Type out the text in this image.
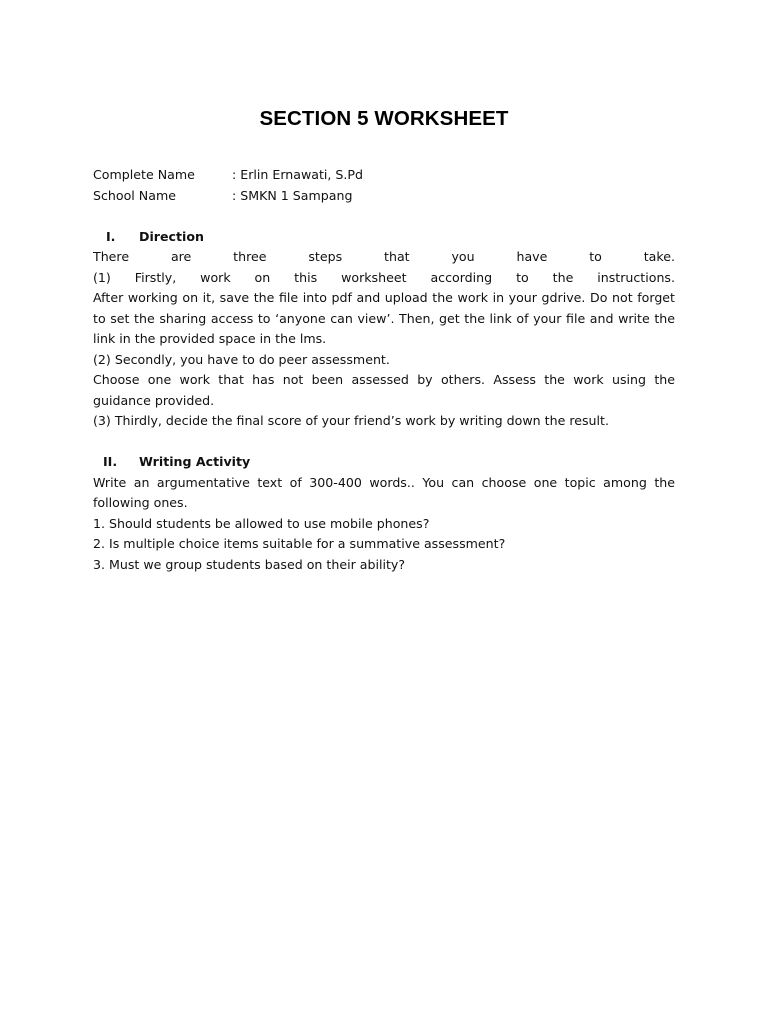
SECTION 5 WORKSHEET
Complete Name	: Erlin Ernawati, S.Pd
School Name	: SMKN 1 Sampang
I.	Direction
There are three steps that you have to take.
(1) Firstly, work on this worksheet according to the instructions.
After working on it, save the file into pdf and upload the work in your gdrive. Do not forget to set the sharing access to ‘anyone can view’. Then, get the link of your file and write the link in the provided space in the lms.
(2) Secondly, you have to do peer assessment.
Choose one work that has not been assessed by others. Assess the work using the guidance provided.
(3) Thirdly, decide the final score of your friend’s work by writing down the result.
II.	Writing Activity
Write an argumentative text of 300-400 words.. You can choose one topic among the following ones.
1. Should students be allowed to use mobile phones?
2. Is multiple choice items suitable for a summative assessment?
3. Must we group students based on their ability?
